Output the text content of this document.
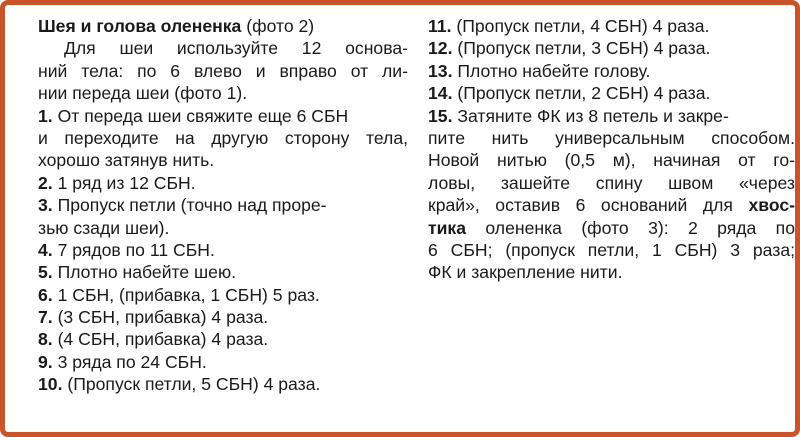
Шея и голова олененка (фото 2)
Для шеи используйте 12 основа-
ний тела: по 6 влево и вправо от ли-
нии переда шеи (фото 1).
1. От переда шеи свяжите еще 6 СБН
и переходите на другую сторону тела,
хорошо затянув нить.
2. 1 ряд из 12 СБН.
3. Пропуск петли (точно над проре-
зью сзади шеи).
4. 7 рядов по 11 СБН.
5. Плотно набейте шею.
6. 1 СБН, (прибавка, 1 СБН) 5 раз.
7. (3 СБН, прибавка) 4 раза.
8. (4 СБН, прибавка) 4 раза.
9. 3 ряда по 24 СБН.
10. (Пропуск петли, 5 СБН) 4 раза.
11. (Пропуск петли, 4 СБН) 4 раза.
12. (Пропуск петли, 3 СБН) 4 раза.
13. Плотно набейте голову.
14. (Пропуск петли, 2 СБН) 4 раза.
15. Затяните ФК из 8 петель и закре-
пите нить универсальным способом.
Новой нитью (0,5 м), начиная от го-
ловы, зашейте спину швом «через
край», оставив 6 оснований для хвос-
тика олененка (фото 3): 2 ряда по
6 СБН; (пропуск петли, 1 СБН) 3 раза;
ФК и закрепление нити.
